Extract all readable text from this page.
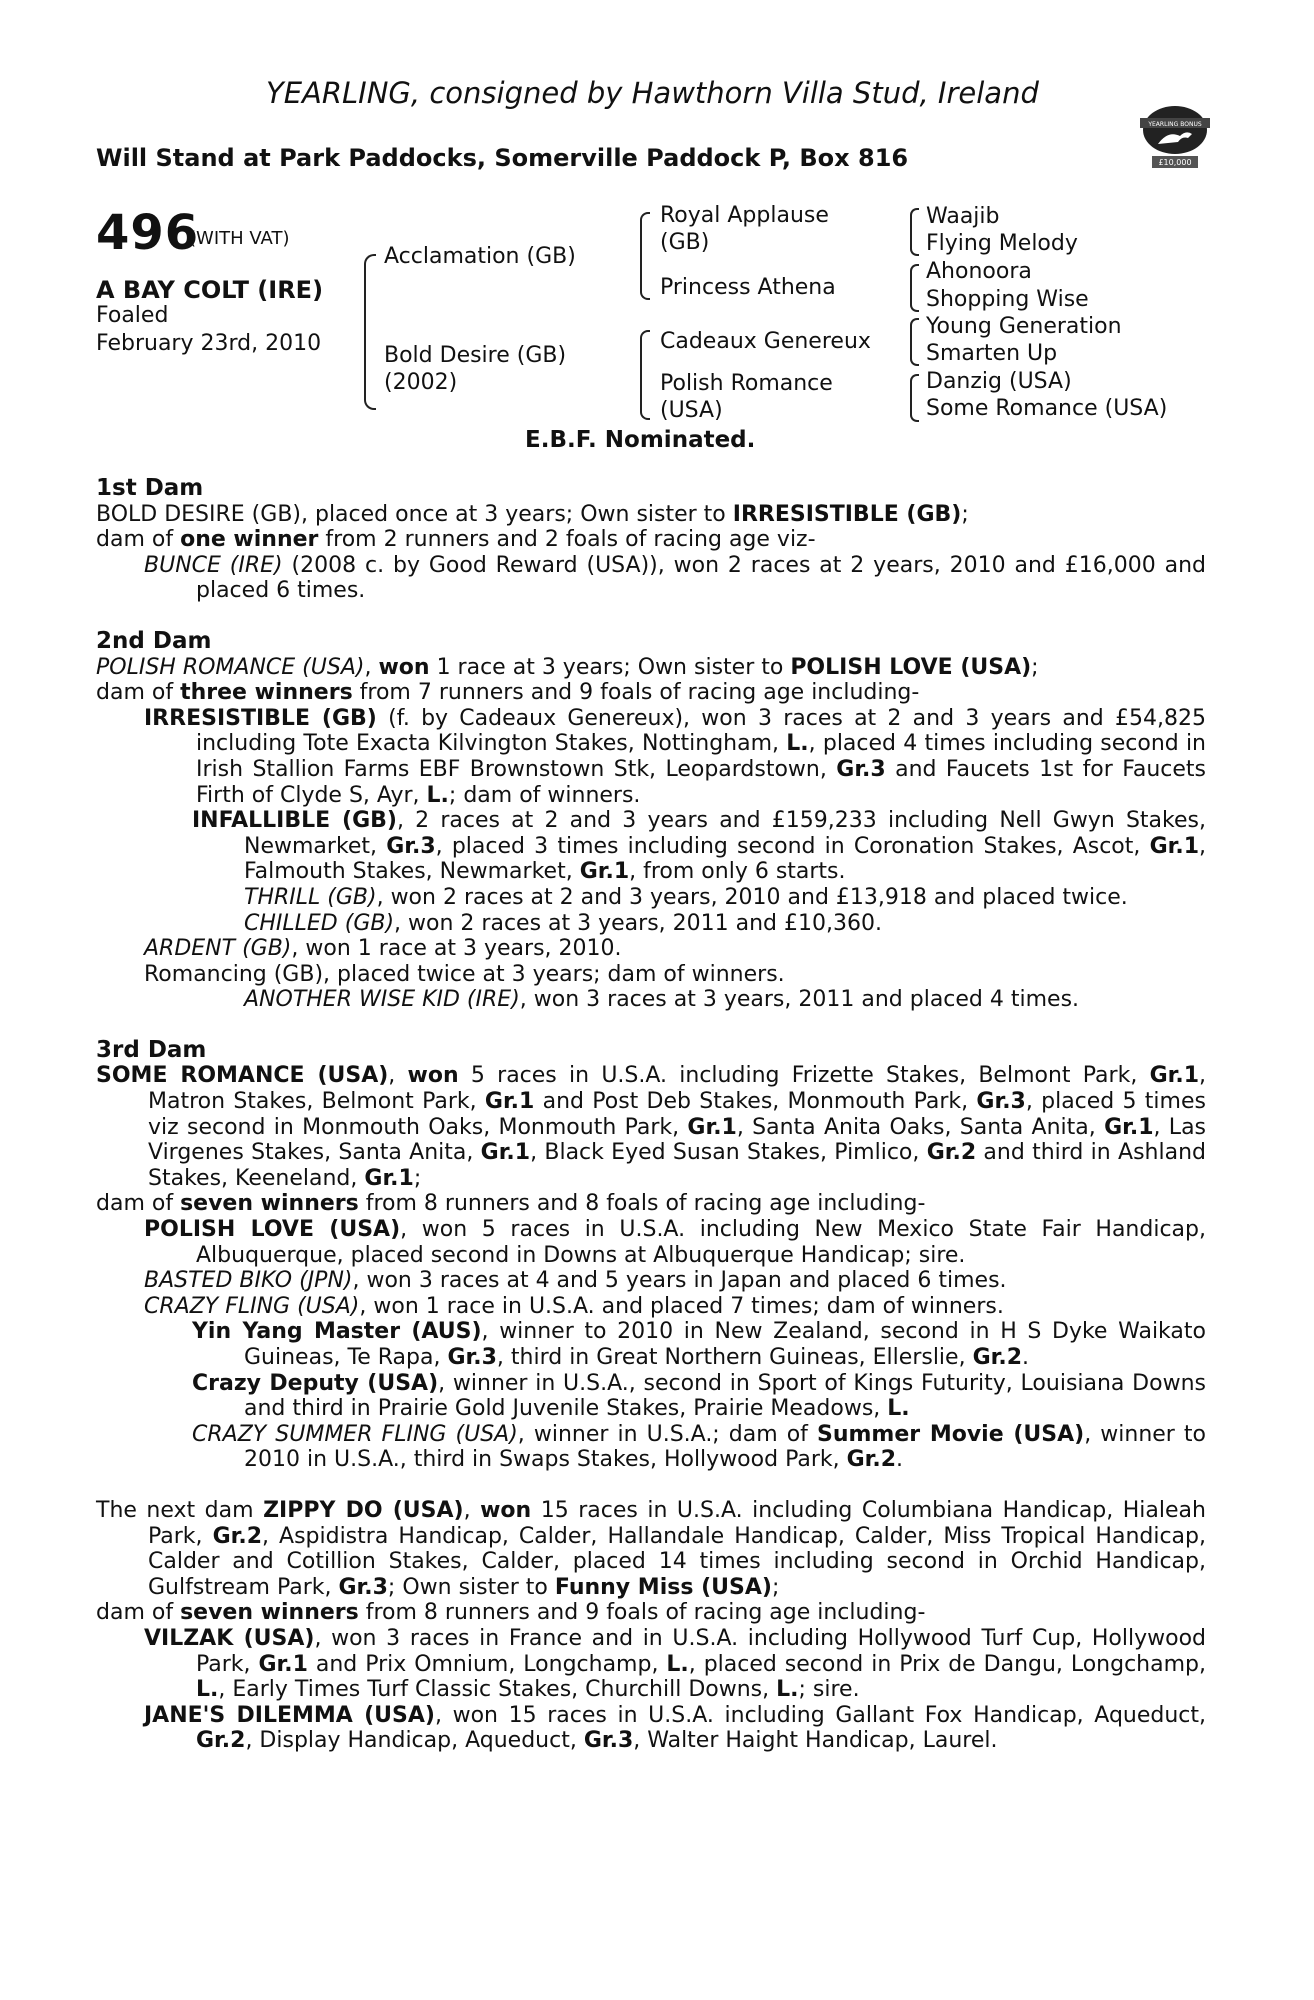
YEARLING, consigned by Hawthorn Villa Stud, Ireland
Will Stand at Park Paddocks, Somerville Paddock P, Box 816
YEARLING BONUS
£10,000
496
(WITH VAT)
A BAY COLT (IRE)
Foaled
February 23rd, 2010
Acclamation (GB)
Bold Desire (GB)
(2002)
Royal Applause
(GB)
Princess Athena
Cadeaux Genereux
Polish Romance
(USA)
Waajib
Flying Melody
Ahonoora
Shopping Wise
Young Generation
Smarten Up
Danzig (USA)
Some Romance (USA)
E.B.F. Nominated.

1st Dam

BOLD DESIRE (GB), placed once at 3 years; Own sister to IRRESISTIBLE (GB);

dam of one winner from 2 runners and 2 foals of racing age viz-

BUNCE (IRE) (2008 c. by Good Reward (USA)), won 2 races at 2 years, 2010 and £16,000 and placed 6 times.

2nd Dam

POLISH ROMANCE (USA), won 1 race at 3 years; Own sister to POLISH LOVE (USA);

dam of three winners from 7 runners and 9 foals of racing age including-

IRRESISTIBLE (GB) (f. by Cadeaux Genereux), won 3 races at 2 and 3 years and £54,825 including Tote Exacta Kilvington Stakes, Nottingham, L., placed 4 times including second in Irish Stallion Farms EBF Brownstown Stk, Leopardstown, Gr.3 and Faucets 1st for Faucets Firth of Clyde S, Ayr, L.; dam of winners.

INFALLIBLE (GB), 2 races at 2 and 3 years and £159,233 including Nell Gwyn Stakes, Newmarket, Gr.3, placed 3 times including second in Coronation Stakes, Ascot, Gr.1, Falmouth Stakes, Newmarket, Gr.1, from only 6 starts.

THRILL (GB), won 2 races at 2 and 3 years, 2010 and £13,918 and placed twice.

CHILLED (GB), won 2 races at 3 years, 2011 and £10,360.

ARDENT (GB), won 1 race at 3 years, 2010.

Romancing (GB), placed twice at 3 years; dam of winners.

ANOTHER WISE KID (IRE), won 3 races at 3 years, 2011 and placed 4 times.

3rd Dam

SOME ROMANCE (USA), won 5 races in U.S.A. including Frizette Stakes, Belmont Park, Gr.1, Matron Stakes, Belmont Park, Gr.1 and Post Deb Stakes, Monmouth Park, Gr.3, placed 5 times viz second in Monmouth Oaks, Monmouth Park, Gr.1, Santa Anita Oaks, Santa Anita, Gr.1, Las Virgenes Stakes, Santa Anita, Gr.1, Black Eyed Susan Stakes, Pimlico, Gr.2 and third in Ashland Stakes, Keeneland, Gr.1;

dam of seven winners from 8 runners and 8 foals of racing age including-

POLISH LOVE (USA), won 5 races in U.S.A. including New Mexico State Fair Handicap, Albuquerque, placed second in Downs at Albuquerque Handicap; sire.

BASTED BIKO (JPN), won 3 races at 4 and 5 years in Japan and placed 6 times.

CRAZY FLING (USA), won 1 race in U.S.A. and placed 7 times; dam of winners.

Yin Yang Master (AUS), winner to 2010 in New Zealand, second in H S Dyke Waikato Guineas, Te Rapa, Gr.3, third in Great Northern Guineas, Ellerslie, Gr.2.

Crazy Deputy (USA), winner in U.S.A., second in Sport of Kings Futurity, Louisiana Downs and third in Prairie Gold Juvenile Stakes, Prairie Meadows, L.

CRAZY SUMMER FLING (USA), winner in U.S.A.; dam of Summer Movie (USA), winner to 2010 in U.S.A., third in Swaps Stakes, Hollywood Park, Gr.2.

The next dam ZIPPY DO (USA), won 15 races in U.S.A. including Columbiana Handicap, Hialeah Park, Gr.2, Aspidistra Handicap, Calder, Hallandale Handicap, Calder, Miss Tropical Handicap, Calder and Cotillion Stakes, Calder, placed 14 times including second in Orchid Handicap, Gulfstream Park, Gr.3; Own sister to Funny Miss (USA);

dam of seven winners from 8 runners and 9 foals of racing age including-

VILZAK (USA), won 3 races in France and in U.S.A. including Hollywood Turf Cup, Hollywood Park, Gr.1 and Prix Omnium, Longchamp, L., placed second in Prix de Dangu, Longchamp, L., Early Times Turf Classic Stakes, Churchill Downs, L.; sire.

JANE'S DILEMMA (USA), won 15 races in U.S.A. including Gallant Fox Handicap, Aqueduct, Gr.2, Display Handicap, Aqueduct, Gr.3, Walter Haight Handicap, Laurel.
